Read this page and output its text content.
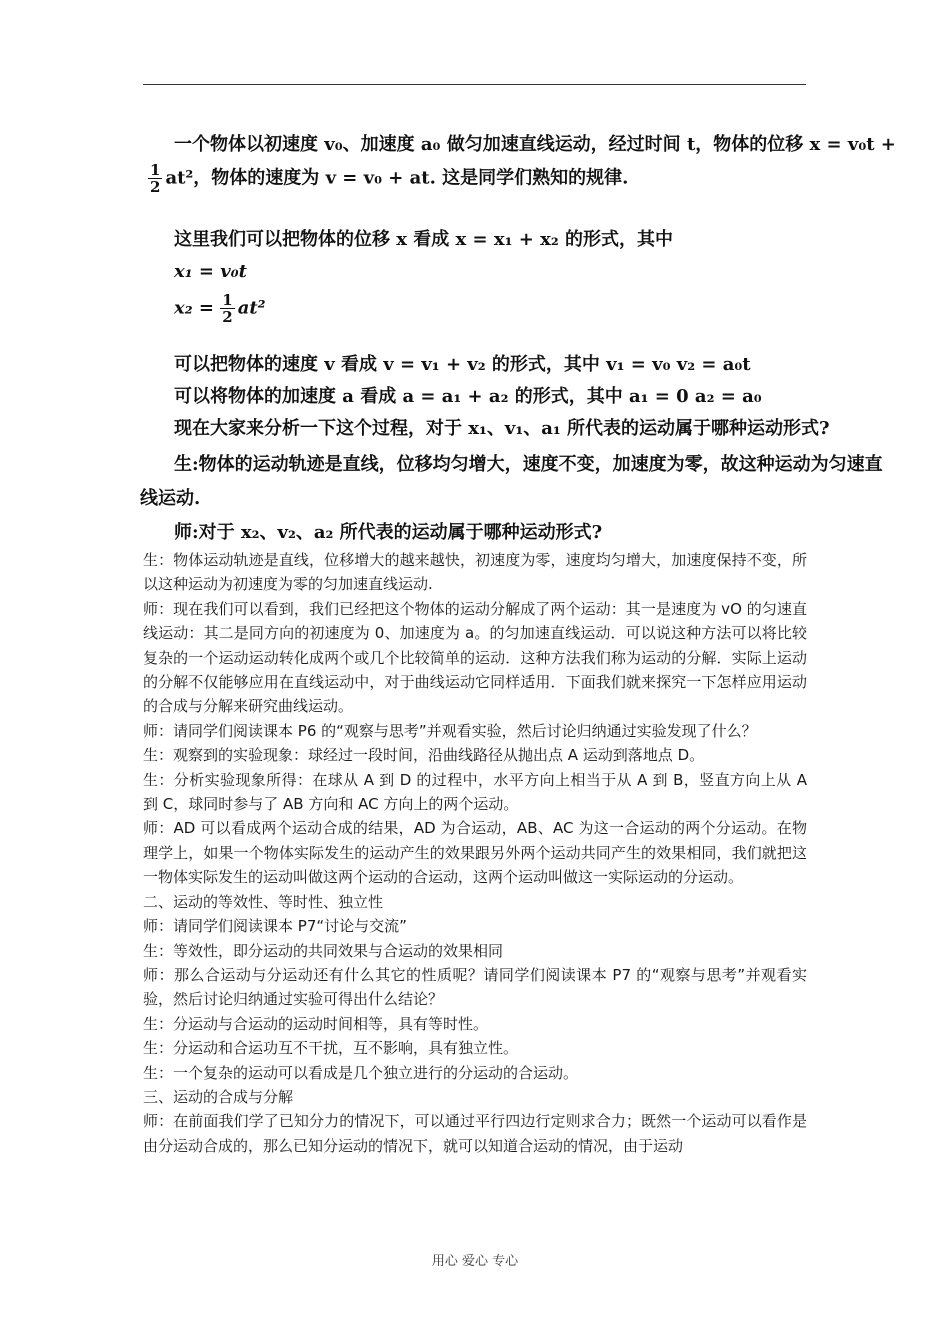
一个物体以初速度 v₀、加速度 a₀ 做匀加速直线运动，经过时间 t，物体的位移 x = v₀t +
$\frac{1}{2} at^2$，物体的速度为 v = v₀ + at. 这是同学们熟知的规律.
这里我们可以把物体的位移 x 看成 x = x₁ + x₂ 的形式，其中
x₁ = v₀t
$x_2 = \frac{1}{2} at^2$
可以把物体的速度 v 看成 v = v₁ + v₂ 的形式，其中 v₁ = v₀ v₂ = a₀t
可以将物体的加速度 a 看成 a = a₁ + a₂ 的形式，其中 a₁ = 0 a₂ = a₀
现在大家来分析一下这个过程，对于 x₁、v₁、a₁ 所代表的运动属于哪种运动形式?
生:物体的运动轨迹是直线，位移均匀增大，速度不变，加速度为零，故这种运动为匀速直
线运动.
师:对于 x₂、v₂、a₂ 所代表的运动属于哪种运动形式?

生：物体运动轨迹是直线，位移增大的越来越快，初速度为零，速度均匀增大，加速度保持不变，所以这种运动为初速度为零的匀加速直线运动.

师：现在我们可以看到，我们已经把这个物体的运动分解成了两个运动：其一是速度为 vO 的匀速直线运动：其二是同方向的初速度为 0、加速度为 a。的匀加速直线运动．可以说这种方法可以将比较复杂的一个运动运动转化成两个或几个比较简单的运动．这种方法我们称为运动的分解．实际上运动的分解不仅能够应用在直线运动中，对于曲线运动它同样适用．下面我们就来探究一下怎样应用运动的合成与分解来研究曲线运动。

师：请同学们阅读课本 P6 的“观察与思考”并观看实验，然后讨论归纳通过实验发现了什么？

生：观察到的实验现象：球经过一段时间，沿曲线路径从抛出点 A 运动到落地点 D。

生：分析实验现象所得：在球从 A 到 D 的过程中，水平方向上相当于从 A 到 B，竖直方向上从 A 到 C，球同时参与了 AB 方向和 AC 方向上的两个运动。

师：AD 可以看成两个运动合成的结果，AD 为合运动，AB、AC 为这一合运动的两个分运动。在物理学上，如果一个物体实际发生的运动产生的效果跟另外两个运动共同产生的效果相同，我们就把这一物体实际发生的运动叫做这两个运动的合运动，这两个运动叫做这一实际运动的分运动。

二、运动的等效性、等时性、独立性

师：请同学们阅读课本 P7“讨论与交流”

生：等效性，即分运动的共同效果与合运动的效果相同

师：那么合运动与分运动还有什么其它的性质呢？请同学们阅读课本 P7 的“观察与思考”并观看实验，然后讨论归纳通过实验可得出什么结论？

生：分运动与合运动的运动时间相等，具有等时性。

生：分运动和合运功互不干扰，互不影响，具有独立性。

生：一个复杂的运动可以看成是几个独立进行的分运动的合运动。

三、运动的合成与分解

师：在前面我们学了已知分力的情况下，可以通过平行四边行定则求合力；既然一个运动可以看作是由分运动合成的，那么已知分运动的情况下，就可以知道合运动的情况，由于运动

用心 爱心 专心
